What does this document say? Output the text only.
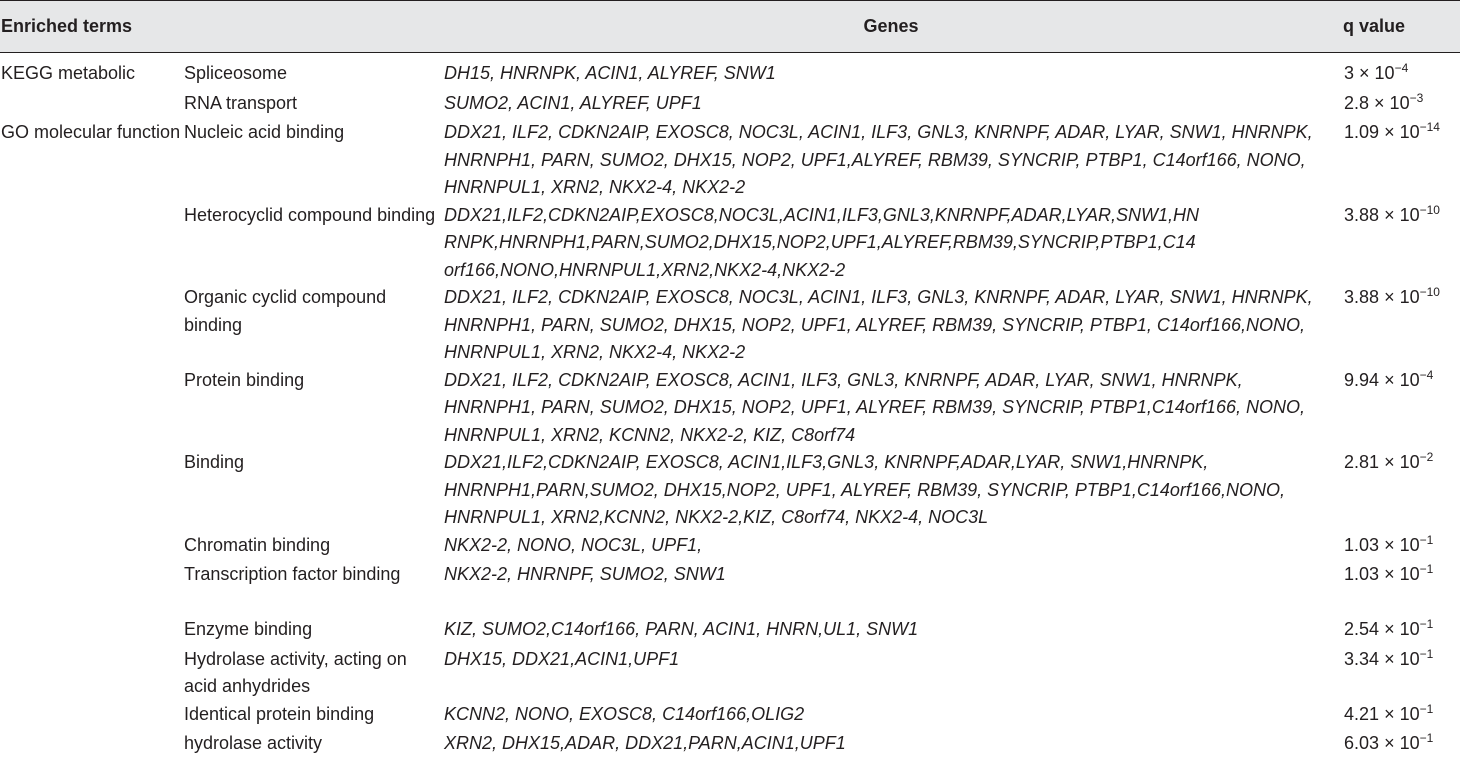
Enriched terms		Genes	q value
KEGG metabolic	Spliceosome	DH15, HNRNPK, ACIN1, ALYREF, SNW1	$3 \times 10^{-4}$
	RNA transport	SUMO2, ACIN1, ALYREF, UPF1	$2.8 \times 10^{-3}$
GO molecular function	Nucleic acid binding	DDX21, ILF2, CDKN2AIP, EXOSC8, NOC3L, ACIN1, ILF3, GNL3, KNRNPF, ADAR, LYAR, SNW1, HNRNPK, HNRNPH1, PARN, SUMO2, DHX15, NOP2, UPF1,ALYREF, RBM39, SYNCRIP, PTBP1, C14orf166, NONO, HNRNPUL1, XRN2, NKX2-4, NKX2-2	$1.09 \times 10^{-14}$
	Heterocyclid compound binding	DDX21,ILF2,CDKN2AIP,EXOSC8,NOC3L,ACIN1,ILF3,GNL3,KNRNPF,ADAR,LYAR,SNW1,HN RNPK,HNRNPH1,PARN,SUMO2,DHX15,NOP2,UPF1,ALYREF,RBM39,SYNCRIP,PTBP1,C14 orf166,NONO,HNRNPUL1,XRN2,NKX2-4,NKX2-2	$3.88 \times 10^{-10}$
	Organic cyclid compound binding	DDX21, ILF2, CDKN2AIP, EXOSC8, NOC3L, ACIN1, ILF3, GNL3, KNRNPF, ADAR, LYAR, SNW1, HNRNPK, HNRNPH1, PARN, SUMO2, DHX15, NOP2, UPF1, ALYREF, RBM39, SYNCRIP, PTBP1, C14orf166,NONO, HNRNPUL1, XRN2, NKX2-4, NKX2-2	$3.88 \times 10^{-10}$
	Protein binding	DDX21, ILF2, CDKN2AIP, EXOSC8, ACIN1, ILF3, GNL3, KNRNPF, ADAR, LYAR, SNW1, HNRNPK, HNRNPH1, PARN, SUMO2, DHX15, NOP2, UPF1, ALYREF, RBM39, SYNCRIP, PTBP1,C14orf166, NONO, HNRNPUL1, XRN2, KCNN2, NKX2-2, KIZ, C8orf74	$9.94 \times 10^{-4}$
	Binding	DDX21,ILF2,CDKN2AIP, EXOSC8, ACIN1,ILF3,GNL3, KNRNPF,ADAR,LYAR, SNW1,HNRNPK, HNRNPH1,PARN,SUMO2, DHX15,NOP2, UPF1, ALYREF, RBM39, SYNCRIP, PTBP1,C14orf166,NONO, HNRNPUL1, XRN2,KCNN2, NKX2-2,KIZ, C8orf74, NKX2-4, NOC3L	$2.81 \times 10^{-2}$
	Chromatin binding	NKX2-2, NONO, NOC3L, UPF1,	$1.03 \times 10^{-1}$
	Transcription factor binding	NKX2-2, HNRNPF, SUMO2, SNW1	$1.03 \times 10^{-1}$
	Enzyme binding	KIZ, SUMO2,C14orf166, PARN, ACIN1, HNRN,UL1, SNW1	$2.54 \times 10^{-1}$
	Hydrolase activity, acting on acid anhydrides	DHX15, DDX21,ACIN1,UPF1	$3.34 \times 10^{-1}$
	Identical protein binding	KCNN2, NONO, EXOSC8, C14orf166,OLIG2	$4.21 \times 10^{-1}$
	hydrolase activity	XRN2, DHX15,ADAR, DDX21,PARN,ACIN1,UPF1	$6.03 \times 10^{-1}$
